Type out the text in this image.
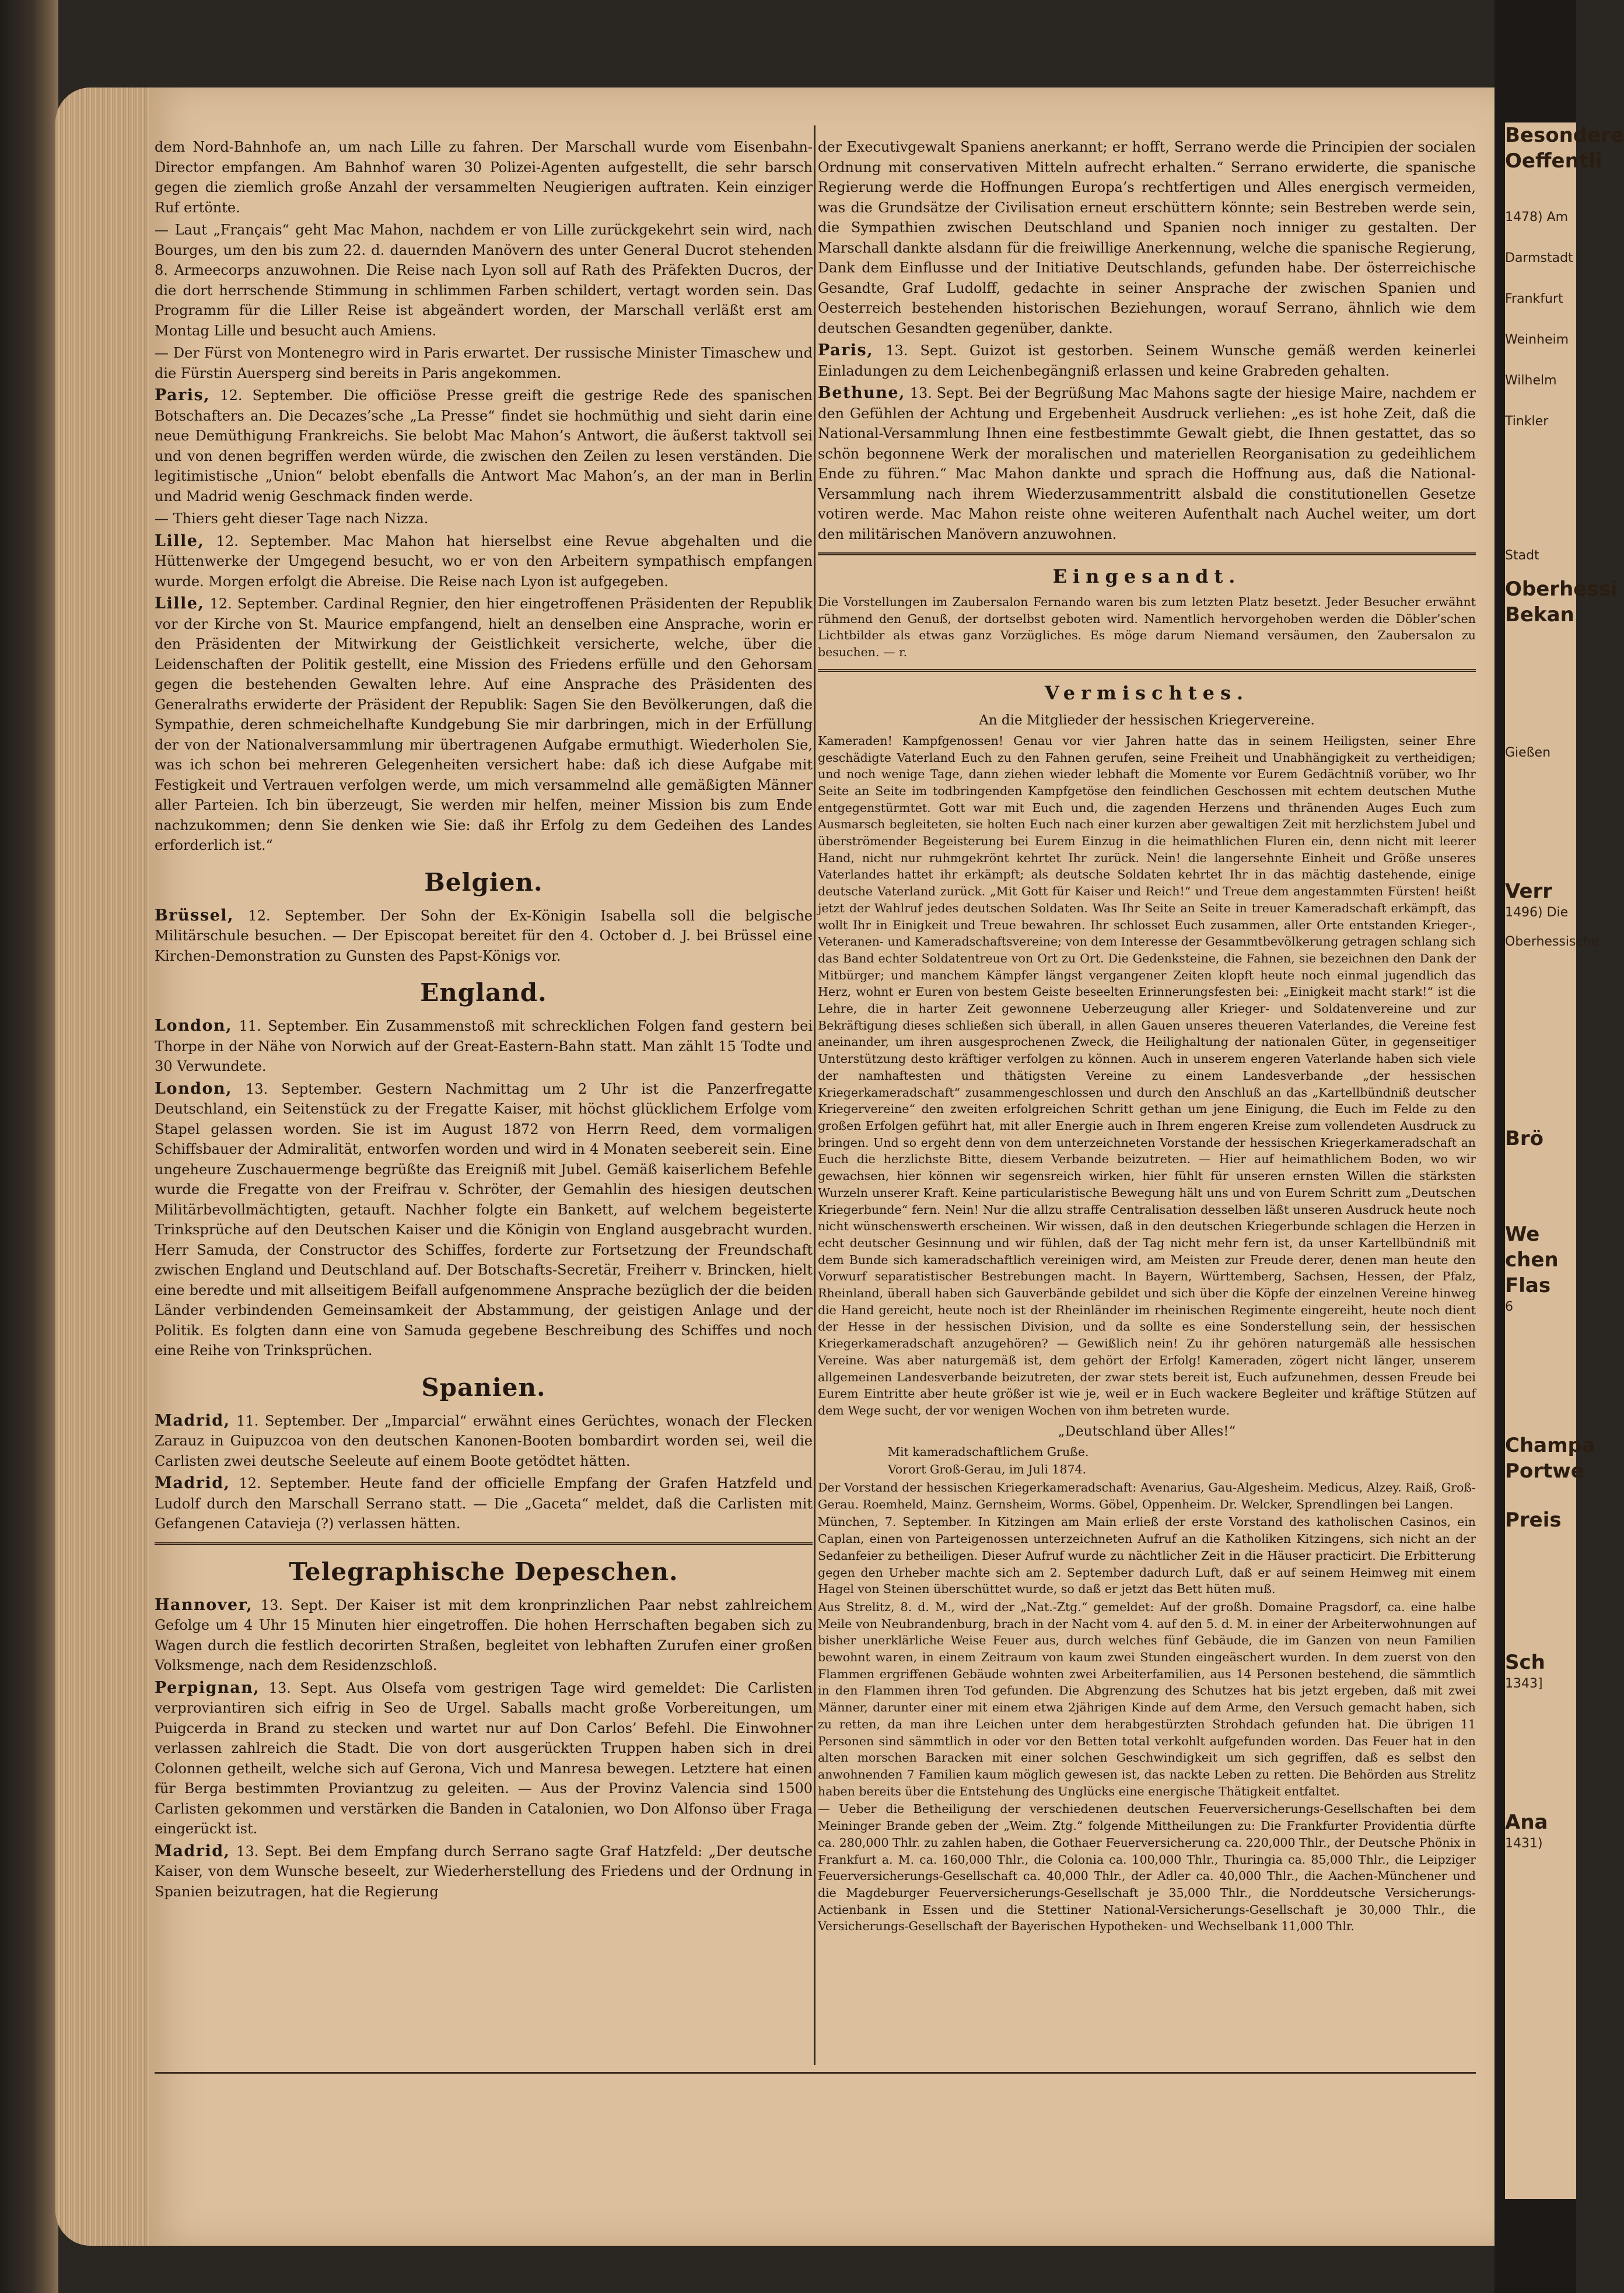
dem Nord-Bahnhofe an, um nach Lille zu fahren. Der Marschall wurde vom Eisenbahn-Director empfangen. Am Bahnhof waren 30 Polizei-Agenten aufgestellt, die sehr barsch gegen die ziemlich große Anzahl der versammelten Neugierigen auftraten. Kein einziger Ruf ertönte.

— Laut „Français“ geht Mac Mahon, nachdem er von Lille zurückgekehrt sein wird, nach Bourges, um den bis zum 22. d. dauernden Manövern des unter General Ducrot stehenden 8. Armeecorps anzuwohnen. Die Reise nach Lyon soll auf Rath des Präfekten Ducros, der die dort herrschende Stimmung in schlimmen Farben schildert, vertagt worden sein. Das Programm für die Liller Reise ist abgeändert worden, der Marschall verläßt erst am Montag Lille und besucht auch Amiens.

— Der Fürst von Montenegro wird in Paris erwartet. Der russische Minister Timaschew und die Fürstin Auersperg sind bereits in Paris angekommen.

Paris, 12. September. Die officiöse Presse greift die gestrige Rede des spanischen Botschafters an. Die Decazes’sche „La Presse“ findet sie hochmüthig und sieht darin eine neue Demüthigung Frankreichs. Sie belobt Mac Mahon’s Antwort, die äußerst taktvoll sei und von denen begriffen werden würde, die zwischen den Zeilen zu lesen verständen. Die legitimistische „Union“ belobt ebenfalls die Antwort Mac Mahon’s, an der man in Berlin und Madrid wenig Geschmack finden werde.

— Thiers geht dieser Tage nach Nizza.

Lille, 12. September. Mac Mahon hat hierselbst eine Revue abgehalten und die Hüttenwerke der Umgegend besucht, wo er von den Arbeitern sympathisch empfangen wurde. Morgen erfolgt die Abreise. Die Reise nach Lyon ist aufgegeben.

Lille, 12. September. Cardinal Regnier, den hier eingetroffenen Präsidenten der Republik vor der Kirche von St. Maurice empfangend, hielt an denselben eine Ansprache, worin er den Präsidenten der Mitwirkung der Geistlichkeit versicherte, welche, über die Leidenschaften der Politik gestellt, eine Mission des Friedens erfülle und den Gehorsam gegen die bestehenden Gewalten lehre. Auf eine Ansprache des Präsidenten des Generalraths erwiderte der Präsident der Republik: Sagen Sie den Bevölkerungen, daß die Sympathie, deren schmeichelhafte Kundgebung Sie mir darbringen, mich in der Erfüllung der von der Nationalversammlung mir übertragenen Aufgabe ermuthigt. Wiederholen Sie, was ich schon bei mehreren Gelegenheiten versichert habe: daß ich diese Aufgabe mit Festigkeit und Vertrauen verfolgen werde, um mich versammelnd alle gemäßigten Männer aller Parteien. Ich bin überzeugt, Sie werden mir helfen, meiner Mission bis zum Ende nachzukommen; denn Sie denken wie Sie: daß ihr Erfolg zu dem Gedeihen des Landes erforderlich ist.“

Belgien.

Brüssel, 12. September. Der Sohn der Ex-Königin Isabella soll die belgische Militärschule besuchen. — Der Episcopat bereitet für den 4. October d. J. bei Brüssel eine Kirchen-Demonstration zu Gunsten des Papst-Königs vor.

England.

London, 11. September. Ein Zusammenstoß mit schrecklichen Folgen fand gestern bei Thorpe in der Nähe von Norwich auf der Great-Eastern-Bahn statt. Man zählt 15 Todte und 30 Verwundete.

London, 13. September. Gestern Nachmittag um 2 Uhr ist die Panzerfregatte Deutschland, ein Seitenstück zu der Fregatte Kaiser, mit höchst glücklichem Erfolge vom Stapel gelassen worden. Sie ist im August 1872 von Herrn Reed, dem vormaligen Schiffsbauer der Admiralität, entworfen worden und wird in 4 Monaten seebereit sein. Eine ungeheure Zuschauermenge begrüßte das Ereigniß mit Jubel. Gemäß kaiserlichem Befehle wurde die Fregatte von der Freifrau v. Schröter, der Gemahlin des hiesigen deutschen Militärbevollmächtigten, getauft. Nachher folgte ein Bankett, auf welchem begeisterte Trinksprüche auf den Deutschen Kaiser und die Königin von England ausgebracht wurden. Herr Samuda, der Constructor des Schiffes, forderte zur Fortsetzung der Freundschaft zwischen England und Deutschland auf. Der Botschafts-Secretär, Freiherr v. Brincken, hielt eine beredte und mit allseitigem Beifall aufgenommene Ansprache bezüglich der die beiden Länder verbindenden Gemeinsamkeit der Abstammung, der geistigen Anlage und der Politik. Es folgten dann eine von Samuda gegebene Beschreibung des Schiffes und noch eine Reihe von Trinksprüchen.

Spanien.

Madrid, 11. September. Der „Imparcial“ erwähnt eines Gerüchtes, wonach der Flecken Zarauz in Guipuzcoa von den deutschen Kanonen-Booten bombardirt worden sei, weil die Carlisten zwei deutsche Seeleute auf einem Boote getödtet hätten.

Madrid, 12. September. Heute fand der officielle Empfang der Grafen Hatzfeld und Ludolf durch den Marschall Serrano statt. — Die „Gaceta“ meldet, daß die Carlisten mit Gefangenen Catavieja (?) verlassen hätten.

Telegraphische Depeschen.

Hannover, 13. Sept. Der Kaiser ist mit dem kronprinzlichen Paar nebst zahlreichem Gefolge um 4 Uhr 15 Minuten hier eingetroffen. Die hohen Herrschaften begaben sich zu Wagen durch die festlich decorirten Straßen, begleitet von lebhaften Zurufen einer großen Volksmenge, nach dem Residenzschloß.

Perpignan, 13. Sept. Aus Olsefa vom gestrigen Tage wird gemeldet: Die Carlisten verproviantiren sich eifrig in Seo de Urgel. Saballs macht große Vorbereitungen, um Puigcerda in Brand zu stecken und wartet nur auf Don Carlos’ Befehl. Die Einwohner verlassen zahlreich die Stadt. Die von dort ausgerückten Truppen haben sich in drei Colonnen getheilt, welche sich auf Gerona, Vich und Manresa bewegen. Letztere hat einen für Berga bestimmten Proviantzug zu geleiten. — Aus der Provinz Valencia sind 1500 Carlisten gekommen und verstärken die Banden in Catalonien, wo Don Alfonso über Fraga eingerückt ist.

Madrid, 13. Sept. Bei dem Empfang durch Serrano sagte Graf Hatzfeld: „Der deutsche Kaiser, von dem Wunsche beseelt, zur Wiederherstellung des Friedens und der Ordnung in Spanien beizutragen, hat die Regierung

der Executivgewalt Spaniens anerkannt; er hofft, Serrano werde die Principien der socialen Ordnung mit conservativen Mitteln aufrecht erhalten.“ Serrano erwiderte, die spanische Regierung werde die Hoffnungen Europa’s rechtfertigen und Alles energisch vermeiden, was die Grundsätze der Civilisation erneut erschüttern könnte; sein Bestreben werde sein, die Sympathien zwischen Deutschland und Spanien noch inniger zu gestalten. Der Marschall dankte alsdann für die freiwillige Anerkennung, welche die spanische Regierung, Dank dem Einflusse und der Initiative Deutschlands, gefunden habe. Der österreichische Gesandte, Graf Ludolff, gedachte in seiner Ansprache der zwischen Spanien und Oesterreich bestehenden historischen Beziehungen, worauf Serrano, ähnlich wie dem deutschen Gesandten gegenüber, dankte.

Paris, 13. Sept. Guizot ist gestorben. Seinem Wunsche gemäß werden keinerlei Einladungen zu dem Leichenbegängniß erlassen und keine Grabreden gehalten.

Bethune, 13. Sept. Bei der Begrüßung Mac Mahons sagte der hiesige Maire, nachdem er den Gefühlen der Achtung und Ergebenheit Ausdruck verliehen: „es ist hohe Zeit, daß die National-Versammlung Ihnen eine festbestimmte Gewalt giebt, die Ihnen gestattet, das so schön begonnene Werk der moralischen und materiellen Reorganisation zu gedeihlichem Ende zu führen.“ Mac Mahon dankte und sprach die Hoffnung aus, daß die National-Versammlung nach ihrem Wiederzusammentritt alsbald die constitutionellen Gesetze votiren werde. Mac Mahon reiste ohne weiteren Aufenthalt nach Auchel weiter, um dort den militärischen Manövern anzuwohnen.

Eingesandt.

Die Vorstellungen im Zaubersalon Fernando waren bis zum letzten Platz besetzt. Jeder Besucher erwähnt rühmend den Genuß, der dortselbst geboten wird. Namentlich hervorgehoben werden die Döbler’schen Lichtbilder als etwas ganz Vorzügliches. Es möge darum Niemand versäumen, den Zaubersalon zu besuchen. — r.

Vermischtes.
An die Mitglieder der hessischen Kriegervereine.

Kameraden! Kampfgenossen! Genau vor vier Jahren hatte das in seinem Heiligsten, seiner Ehre geschädigte Vaterland Euch zu den Fahnen gerufen, seine Freiheit und Unabhängigkeit zu vertheidigen; und noch wenige Tage, dann ziehen wieder lebhaft die Momente vor Eurem Gedächtniß vorüber, wo Ihr Seite an Seite im todbringenden Kampfgetöse den feindlichen Geschossen mit echtem deutschen Muthe entgegenstürmtet. Gott war mit Euch und, die zagenden Herzens und thränenden Auges Euch zum Ausmarsch begleiteten, sie holten Euch nach einer kurzen aber gewaltigen Zeit mit herzlichstem Jubel und überströmender Begeisterung bei Eurem Einzug in die heimathlichen Fluren ein, denn nicht mit leerer Hand, nicht nur ruhmgekrönt kehrtet Ihr zurück. Nein! die langersehnte Einheit und Größe unseres Vaterlandes hattet ihr erkämpft; als deutsche Soldaten kehrtet Ihr in das mächtig dastehende, einige deutsche Vaterland zurück. „Mit Gott für Kaiser und Reich!“ und Treue dem angestammten Fürsten! heißt jetzt der Wahlruf jedes deutschen Soldaten. Was Ihr Seite an Seite in treuer Kameradschaft erkämpft, das wollt Ihr in Einigkeit und Treue bewahren. Ihr schlosset Euch zusammen, aller Orte entstanden Krieger-, Veteranen- und Kameradschaftsvereine; von dem Interesse der Gesammtbevölkerung getragen schlang sich das Band echter Soldatentreue von Ort zu Ort. Die Gedenksteine, die Fahnen, sie bezeichnen den Dank der Mitbürger; und manchem Kämpfer längst vergangener Zeiten klopft heute noch einmal jugendlich das Herz, wohnt er Euren von bestem Geiste beseelten Erinnerungsfesten bei: „Einigkeit macht stark!“ ist die Lehre, die in harter Zeit gewonnene Ueberzeugung aller Krieger- und Soldatenvereine und zur Bekräftigung dieses schließen sich überall, in allen Gauen unseres theueren Vaterlandes, die Vereine fest aneinander, um ihren ausgesprochenen Zweck, die Heilighaltung der nationalen Güter, in gegenseitiger Unterstützung desto kräftiger verfolgen zu können. Auch in unserem engeren Vaterlande haben sich viele der namhaftesten und thätigsten Vereine zu einem Landesverbande „der hessischen Kriegerkameradschaft“ zusammengeschlossen und durch den Anschluß an das „Kartellbündniß deutscher Kriegervereine“ den zweiten erfolgreichen Schritt gethan um jene Einigung, die Euch im Felde zu den großen Erfolgen geführt hat, mit aller Energie auch in Ihrem engeren Kreise zum vollendeten Ausdruck zu bringen. Und so ergeht denn von dem unterzeichneten Vorstande der hessischen Kriegerkameradschaft an Euch die herzlichste Bitte, diesem Verbande beizutreten. — Hier auf heimathlichem Boden, wo wir gewachsen, hier können wir segensreich wirken, hier fühlt für unseren ernsten Willen die stärksten Wurzeln unserer Kraft. Keine particularistische Bewegung hält uns und von Eurem Schritt zum „Deutschen Kriegerbunde“ fern. Nein! Nur die allzu straffe Centralisation desselben läßt unseren Ausdruck heute noch nicht wünschenswerth erscheinen. Wir wissen, daß in den deutschen Kriegerbunde schlagen die Herzen in echt deutscher Gesinnung und wir fühlen, daß der Tag nicht mehr fern ist, da unser Kartellbündniß mit dem Bunde sich kameradschaftlich vereinigen wird, am Meisten zur Freude derer, denen man heute den Vorwurf separatistischer Bestrebungen macht. In Bayern, Württemberg, Sachsen, Hessen, der Pfalz, Rheinland, überall haben sich Gauverbände gebildet und sich über die Köpfe der einzelnen Vereine hinweg die Hand gereicht, heute noch ist der Rheinländer im rheinischen Regimente eingereiht, heute noch dient der Hesse in der hessischen Division, und da sollte es eine Sonderstellung sein, der hessischen Kriegerkameradschaft anzugehören? — Gewißlich nein! Zu ihr gehören naturgemäß alle hessischen Vereine. Was aber naturgemäß ist, dem gehört der Erfolg! Kameraden, zögert nicht länger, unserem allgemeinen Landesverbande beizutreten, der zwar stets bereit ist, Euch aufzunehmen, dessen Freude bei Eurem Eintritte aber heute größer ist wie je, weil er in Euch wackere Begleiter und kräftige Stützen auf dem Wege sucht, der vor wenigen Wochen von ihm betreten wurde.

„Deutschland über Alles!“
Mit kameradschaftlichem Gruße.
Vorort Groß-Gerau, im Juli 1874.

Der Vorstand der hessischen Kriegerkameradschaft: Avenarius, Gau-Algesheim. Medicus, Alzey. Raiß, Groß-Gerau. Roemheld, Mainz. Gernsheim, Worms. Göbel, Oppenheim. Dr. Welcker, Sprendlingen bei Langen.

München, 7. September. In Kitzingen am Main erließ der erste Vorstand des katholischen Casinos, ein Caplan, einen von Parteigenossen unterzeichneten Aufruf an die Katholiken Kitzingens, sich nicht an der Sedanfeier zu betheiligen. Dieser Aufruf wurde zu nächtlicher Zeit in die Häuser practicirt. Die Erbitterung gegen den Urheber machte sich am 2. September dadurch Luft, daß er auf seinem Heimweg mit einem Hagel von Steinen überschüttet wurde, so daß er jetzt das Bett hüten muß.

Aus Strelitz, 8. d. M., wird der „Nat.-Ztg.“ gemeldet: Auf der großh. Domaine Pragsdorf, ca. eine halbe Meile von Neubrandenburg, brach in der Nacht vom 4. auf den 5. d. M. in einer der Arbeiterwohnungen auf bisher unerklärliche Weise Feuer aus, durch welches fünf Gebäude, die im Ganzen von neun Familien bewohnt waren, in einem Zeitraum von kaum zwei Stunden eingeäschert wurden. In dem zuerst von den Flammen ergriffenen Gebäude wohnten zwei Arbeiterfamilien, aus 14 Personen bestehend, die sämmtlich in den Flammen ihren Tod gefunden. Die Abgrenzung des Schutzes hat bis jetzt ergeben, daß mit zwei Männer, darunter einer mit einem etwa 2jährigen Kinde auf dem Arme, den Versuch gemacht haben, sich zu retten, da man ihre Leichen unter dem herabgestürzten Strohdach gefunden hat. Die übrigen 11 Personen sind sämmtlich in oder vor den Betten total verkohlt aufgefunden worden. Das Feuer hat in den alten morschen Baracken mit einer solchen Geschwindigkeit um sich gegriffen, daß es selbst den anwohnenden 7 Familien kaum möglich gewesen ist, das nackte Leben zu retten. Die Behörden aus Strelitz haben bereits über die Entstehung des Unglücks eine energische Thätigkeit entfaltet.

— Ueber die Betheiligung der verschiedenen deutschen Feuerversicherungs-Gesellschaften bei dem Meininger Brande geben der „Weim. Ztg.“ folgende Mittheilungen zu: Die Frankfurter Providentia dürfte ca. 280,000 Thlr. zu zahlen haben, die Gothaer Feuerversicherung ca. 220,000 Thlr., der Deutsche Phönix in Frankfurt a. M. ca. 160,000 Thlr., die Colonia ca. 100,000 Thlr., Thuringia ca. 85,000 Thlr., die Leipziger Feuerversicherungs-Gesellschaft ca. 40,000 Thlr., der Adler ca. 40,000 Thlr., die Aachen-Münchener und die Magdeburger Feuerversicherungs-Gesellschaft je 35,000 Thlr., die Norddeutsche Versicherungs-Actienbank in Essen und die Stettiner National-Versicherungs-Gesellschaft je 30,000 Thlr., die Versicherungs-Gesellschaft der Bayerischen Hypotheken- und Wechselbank 11,000 Thlr.

Besondere
Oeffentli
1478) Am
Darmstadt
Frankfurt
Weinheim
Wilhelm
Tinkler
Stadt
Oberhessi
Bekan
Gießen
Verr
1496) Die
Oberhessische
Brö
We
chen
Flas
6
Champa
Portwe
Preis
Sch
1343]
Ana
1431)
